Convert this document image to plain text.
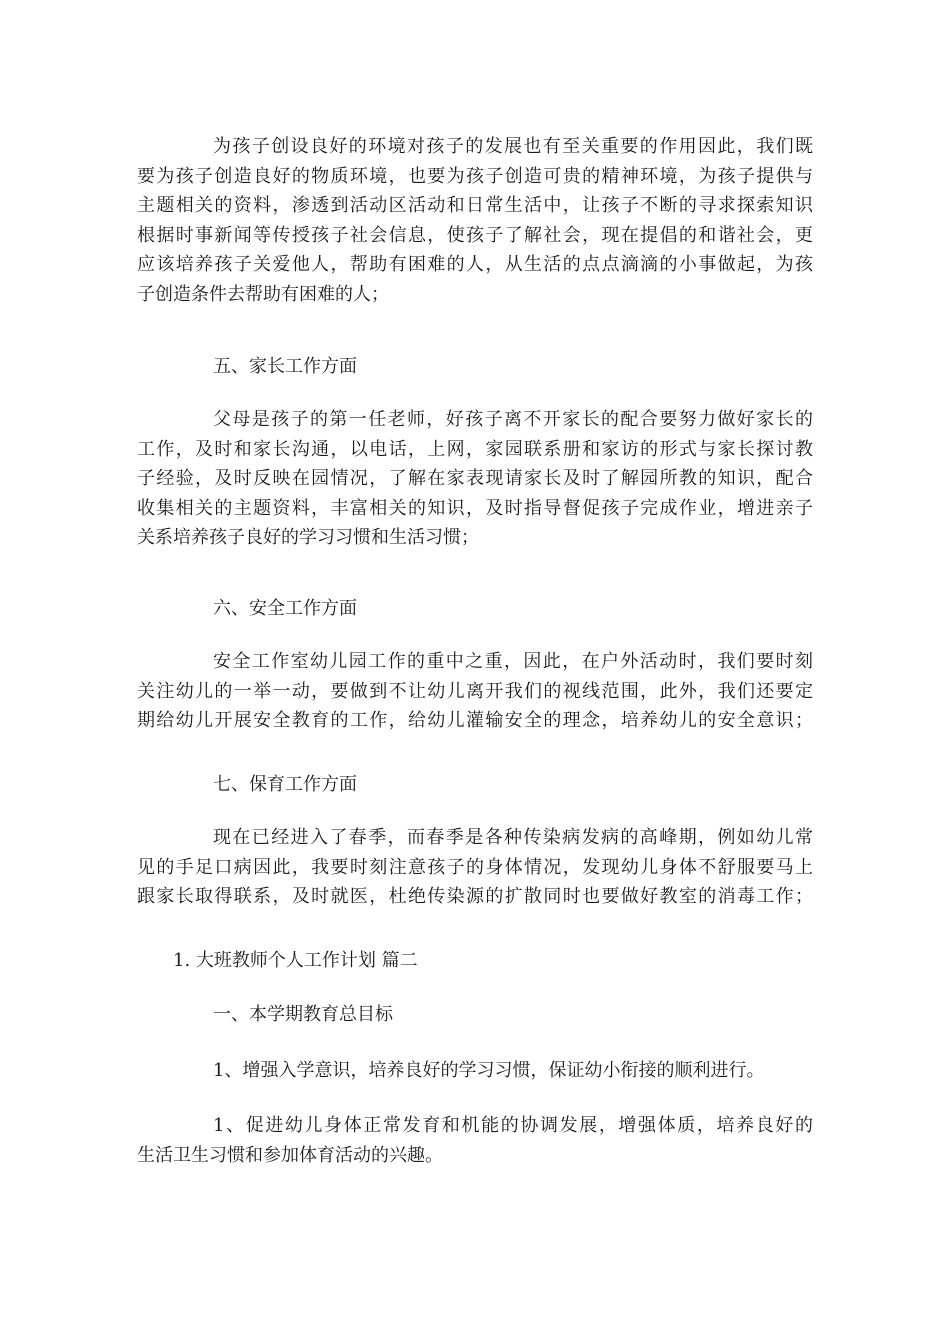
为孩子创设良好的环境对孩子的发展也有至关重要的作用因此，我们既
要为孩子创造良好的物质环境，也要为孩子创造可贵的精神环境，为孩子提供与
主题相关的资料，渗透到活动区活动和日常生活中，让孩子不断的寻求探索知识
根据时事新闻等传授孩子社会信息，使孩子了解社会，现在提倡的和谐社会，更
应该培养孩子关爱他人，帮助有困难的人，从生活的点点滴滴的小事做起，为孩
子创造条件去帮助有困难的人；

五、家长工作方面

父母是孩子的第一任老师，好孩子离不开家长的配合要努力做好家长的
工作，及时和家长沟通，以电话，上网，家园联系册和家访的形式与家长探讨教
子经验，及时反映在园情况，了解在家表现请家长及时了解园所教的知识，配合
收集相关的主题资料，丰富相关的知识，及时指导督促孩子完成作业，增进亲子
关系培养孩子良好的学习习惯和生活习惯；

六、安全工作方面

安全工作室幼儿园工作的重中之重，因此，在户外活动时，我们要时刻
关注幼儿的一举一动，要做到不让幼儿离开我们的视线范围，此外，我们还要定
期给幼儿开展安全教育的工作，给幼儿灌输安全的理念，培养幼儿的安全意识；

七、保育工作方面

现在已经进入了春季，而春季是各种传染病发病的高峰期，例如幼儿常
见的手足口病因此，我要时刻注意孩子的身体情况，发现幼儿身体不舒服要马上
跟家长取得联系，及时就医，杜绝传染源的扩散同时也要做好教室的消毒工作；

1. 大班教师个人工作计划 篇二

一、本学期教育总目标

1、增强入学意识，培养良好的学习习惯，保证幼小衔接的顺利进行。

1、促进幼儿身体正常发育和机能的协调发展，增强体质，培养良好的
生活卫生习惯和参加体育活动的兴趣。
